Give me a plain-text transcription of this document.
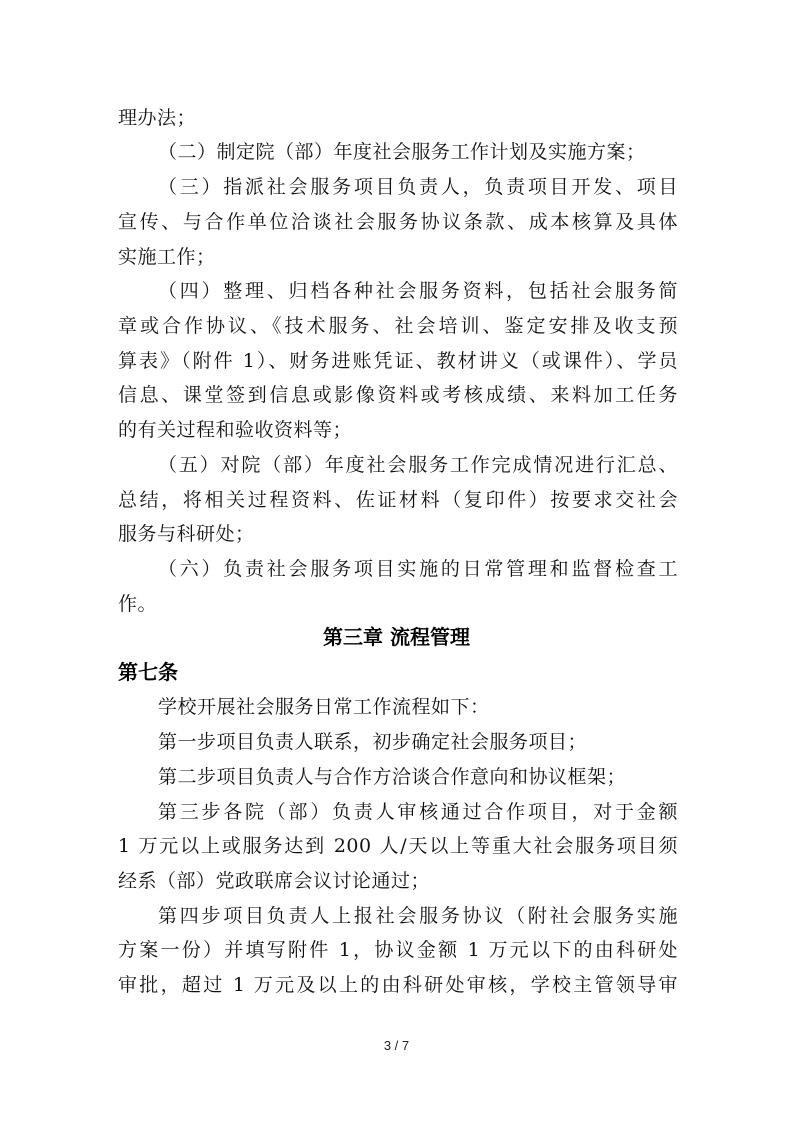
理办法；
（二）制定院（部）年度社会服务工作计划及实施方案；
（三）指派社会服务项目负责人，负责项目开发、项目
宣传、与合作单位洽谈社会服务协议条款、成本核算及具体
实施工作；
（四）整理、归档各种社会服务资料，包括社会服务简
章或合作协议、《技术服务、社会培训、鉴定安排及收支预
算表》（附件 1）、财务进账凭证、教材讲义（或课件）、学员
信息、课堂签到信息或影像资料或考核成绩、来料加工任务
的有关过程和验收资料等；
（五）对院（部）年度社会服务工作完成情况进行汇总、
总结，将相关过程资料、佐证材料（复印件）按要求交社会
服务与科研处；
（六）负责社会服务项目实施的日常管理和监督检查工
作。
第三章 流程管理
第七条
学校开展社会服务日常工作流程如下：
第一步项目负责人联系，初步确定社会服务项目；
第二步项目负责人与合作方洽谈合作意向和协议框架；
第三步各院（部）负责人审核通过合作项目，对于金额
1 万元以上或服务达到 200 人/天以上等重大社会服务项目须
经系（部）党政联席会议讨论通过；
第四步项目负责人上报社会服务协议（附社会服务实施
方案一份）并填写附件 1，协议金额 1 万元以下的由科研处
审批，超过 1 万元及以上的由科研处审核，学校主管领导审
3 / 7
